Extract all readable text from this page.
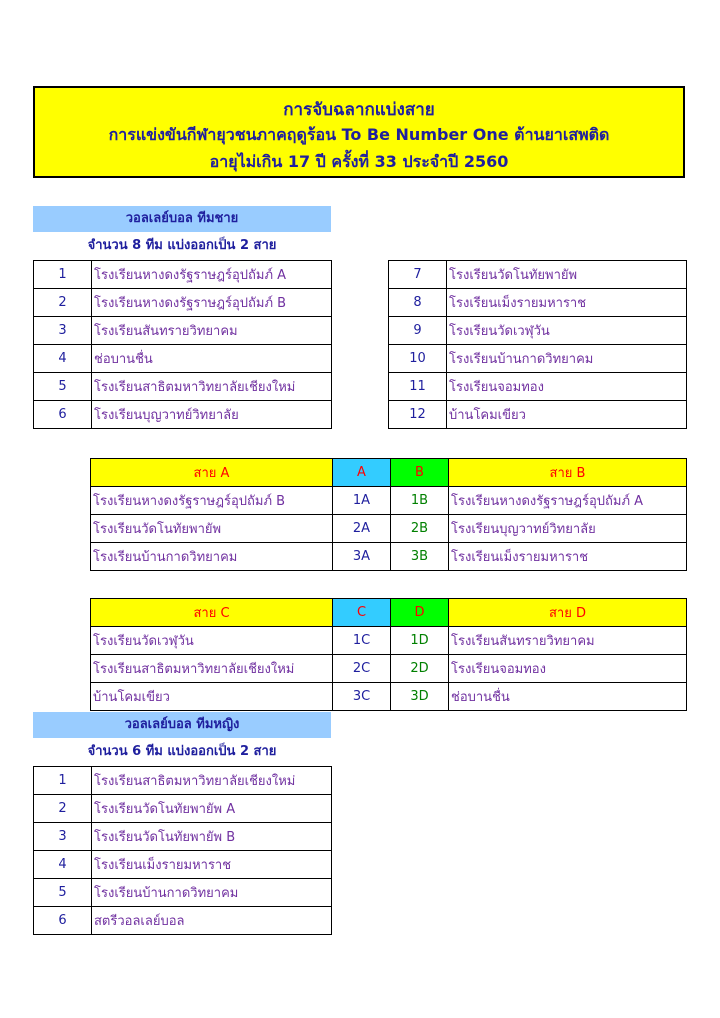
การจับฉลากแบ่งสาย
การแข่งขันกีฬายุวชนภาคฤดูร้อน To Be Number One ต้านยาเสพติด
อายุไม่เกิน 17 ปี ครั้งที่ 33 ประจำปี 2560
วอลเลย์บอล ทีมชาย
จำนวน 8 ทีม แบ่งออกเป็น 2 สาย
1	โรงเรียนหางดงรัฐราษฎร์อุปถัมภ์ A
2	โรงเรียนหางดงรัฐราษฎร์อุปถัมภ์ B
3	โรงเรียนสันทรายวิทยาคม
4	ช่อบานชื่น
5	โรงเรียนสาธิตมหาวิทยาลัยเชียงใหม่
6	โรงเรียนบุญวาทย์วิทยาลัย
7	โรงเรียนวัดโนทัยพายัพ
8	โรงเรียนเม็งรายมหาราช
9	โรงเรียนวัดเวฬุวัน
10	โรงเรียนบ้านกาดวิทยาคม
11	โรงเรียนจอมทอง
12	บ้านโคมเขียว
สาย A	A	B	สาย B
โรงเรียนหางดงรัฐราษฎร์อุปถัมภ์ B	1A	1B	โรงเรียนหางดงรัฐราษฎร์อุปถัมภ์ A
โรงเรียนวัดโนทัยพายัพ	2A	2B	โรงเรียนบุญวาทย์วิทยาลัย
โรงเรียนบ้านกาดวิทยาคม	3A	3B	โรงเรียนเม็งรายมหาราช
สาย C	C	D	สาย D
โรงเรียนวัดเวฬุวัน	1C	1D	โรงเรียนสันทรายวิทยาคม
โรงเรียนสาธิตมหาวิทยาลัยเชียงใหม่	2C	2D	โรงเรียนจอมทอง
บ้านโคมเขียว	3C	3D	ช่อบานชื่น
วอลเลย์บอล ทีมหญิง
จำนวน 6 ทีม แบ่งออกเป็น 2 สาย
1	โรงเรียนสาธิตมหาวิทยาลัยเชียงใหม่
2	โรงเรียนวัดโนทัยพายัพ A
3	โรงเรียนวัดโนทัยพายัพ B
4	โรงเรียนเม็งรายมหาราช
5	โรงเรียนบ้านกาดวิทยาคม
6	สตรีวอลเลย์บอล
